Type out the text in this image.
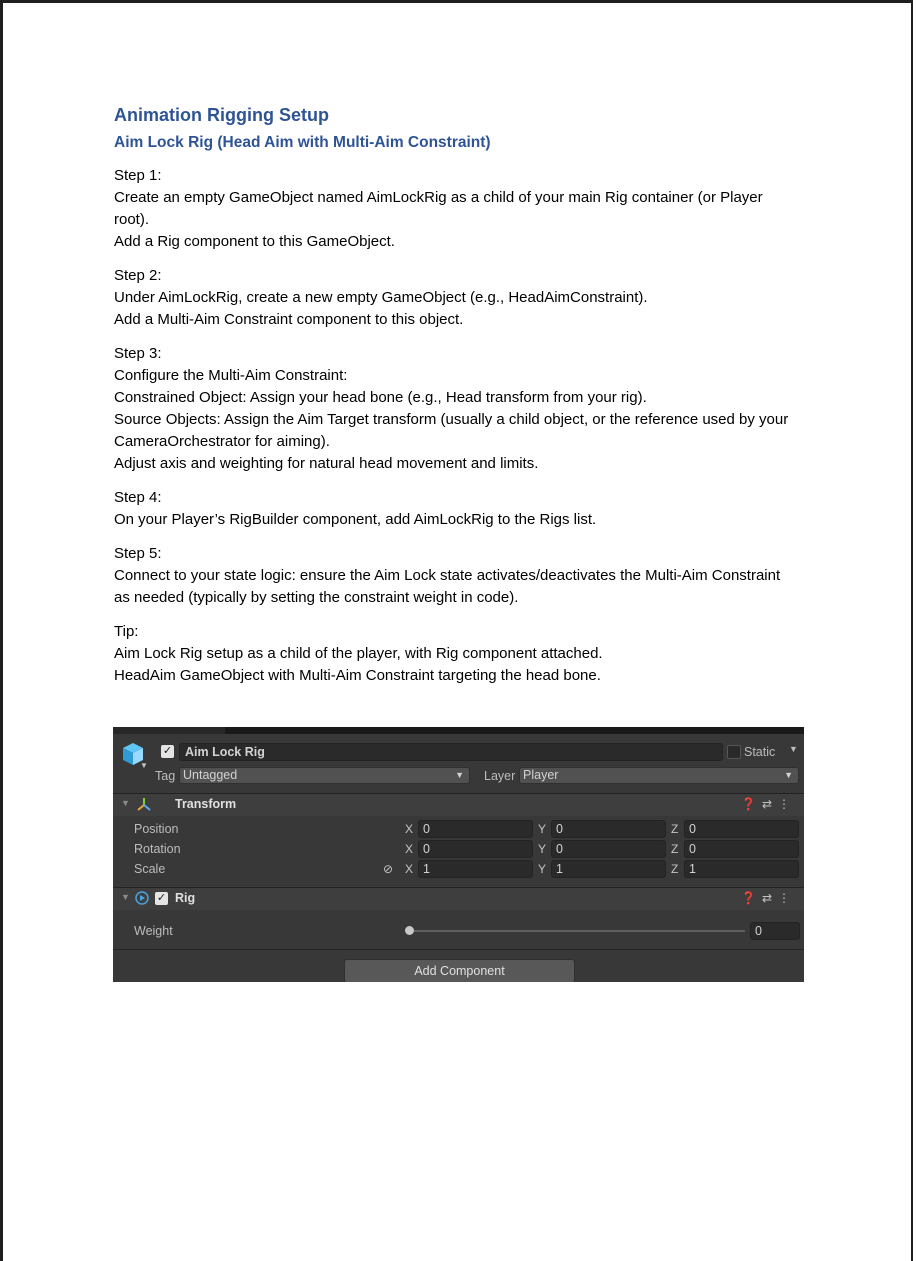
Animation Rigging Setup
Aim Lock Rig (Head Aim with Multi-Aim Constraint)

Step 1:

Create an empty GameObject named AimLockRig as a child of your main Rig container (or Player root).

Add a Rig component to this GameObject.

Step 2:

Under AimLockRig, create a new empty GameObject (e.g., HeadAimConstraint).

Add a Multi-Aim Constraint component to this object.

Step 3:

Configure the Multi-Aim Constraint:

Constrained Object: Assign your head bone (e.g., Head transform from your rig).

Source Objects: Assign the Aim Target transform (usually a child object, or the reference used by your CameraOrchestrator for aiming).

Adjust axis and weighting for natural head movement and limits.

Step 4:

On your Player’s RigBuilder component, add AimLockRig to the Rigs list.

Step 5:

Connect to your state logic: ensure the Aim Lock state activates/deactivates the Multi-Aim Constraint as needed (typically by setting the constraint weight in code).

Tip:

Aim Lock Rig setup as a child of the player, with Rig component attached.

HeadAim GameObject with Multi-Aim Constraint targeting the head bone.

▼
✓	Aim Lock Rig	Static ▼
Tag Untagged	▼ Layer Player	▼
▼	Transform	❓⇄⋮
Position	X 0	Y 0	Z 0
Rotation	X 0	Y 0	Z 0
Scale	⊘ X 1	Y 1	Z 1
▼ ✓ Rig	❓⇄⋮
Weight	0
Add Component
